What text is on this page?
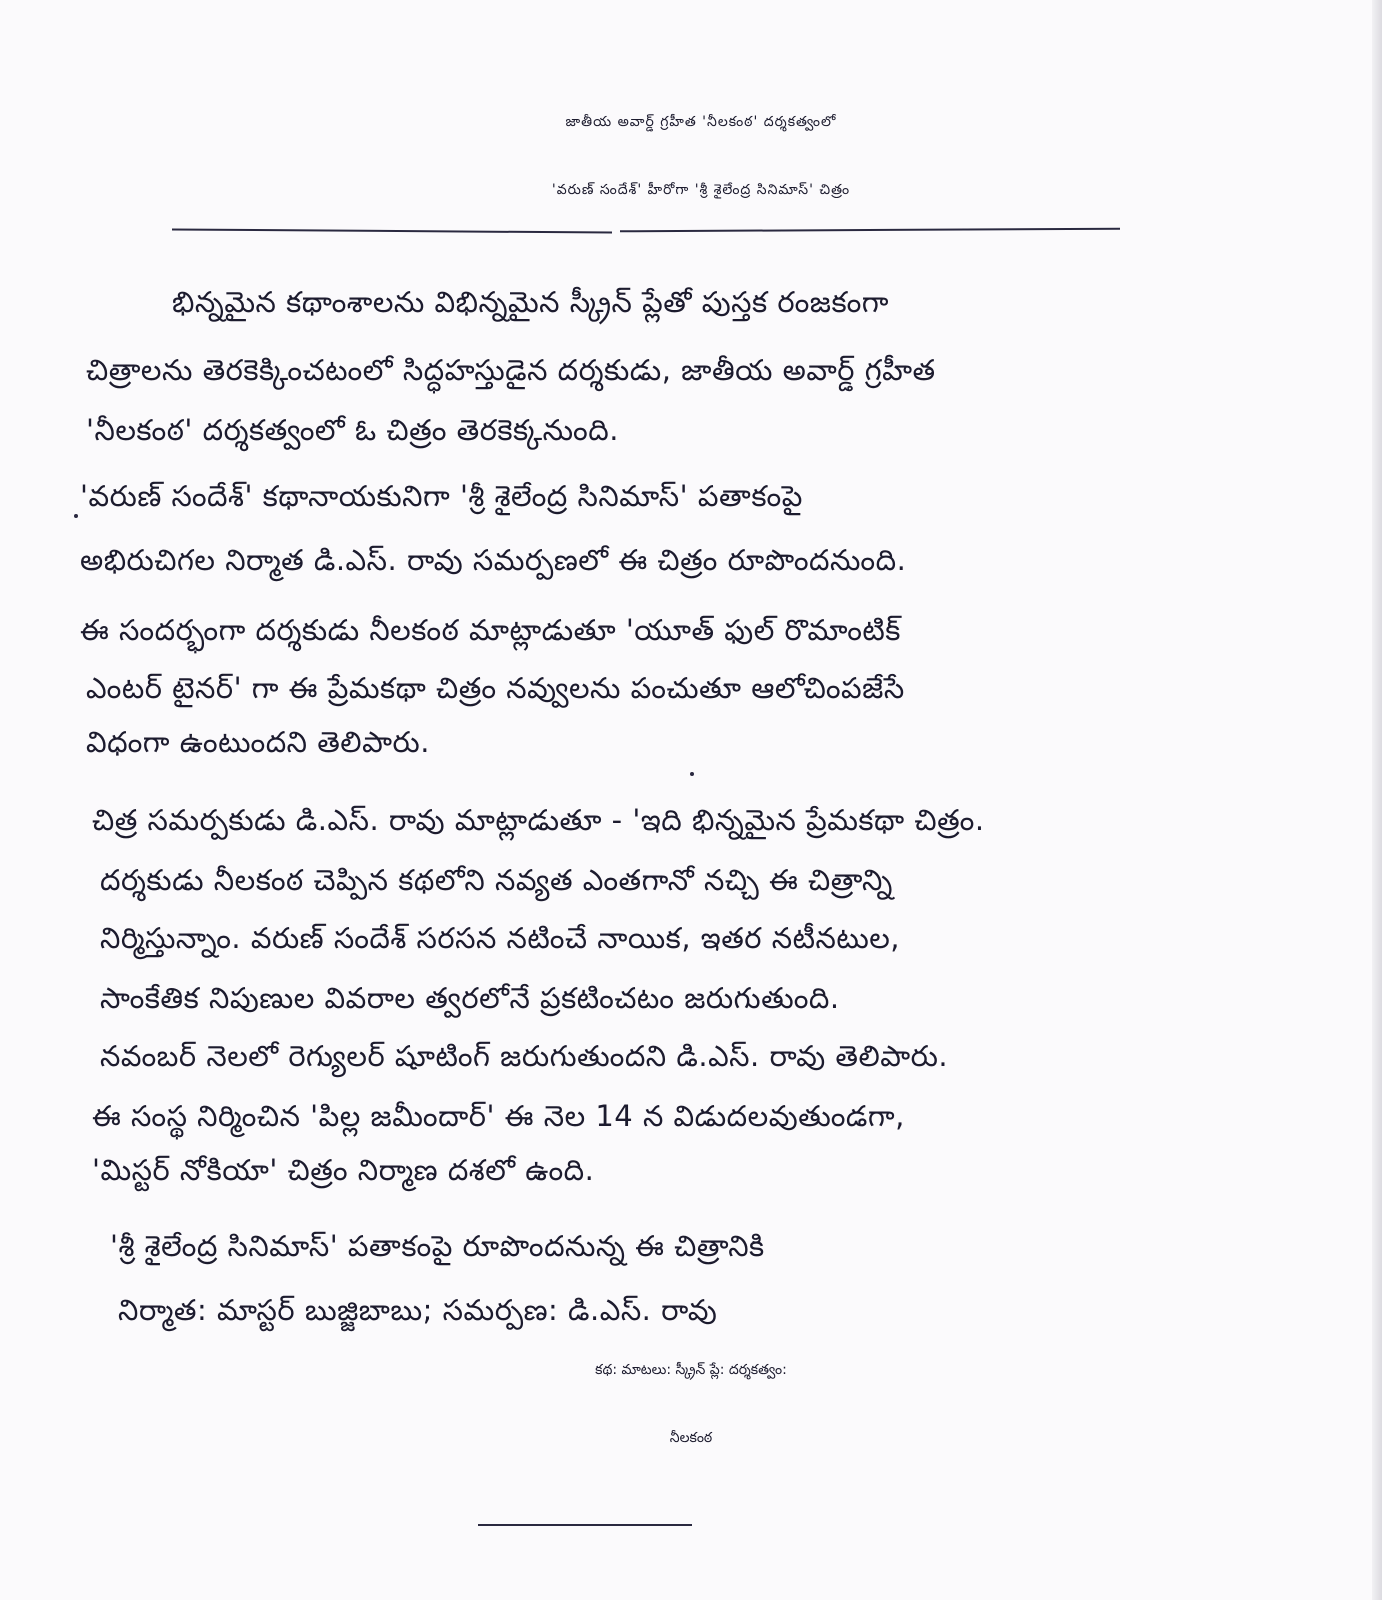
జాతీయ అవార్డ్ గ్రహీత 'నీలకంఠ' దర్శకత్వంలో
'వరుణ్ సందేశ్' హీరోగా 'శ్రీ శైలేంద్ర సినిమాస్' చిత్రం
భిన్నమైన కథాంశాలను విభిన్నమైన స్క్రీన్ ప్లేతో పుస్తక రంజకంగా
చిత్రాలను తెరకెక్కించటంలో సిద్ధహస్తుడైన దర్శకుడు, జాతీయ అవార్డ్ గ్రహీత
'నీలకంఠ' దర్శకత్వంలో ఓ చిత్రం తెరకెక్కనుంది.
'వరుణ్ సందేశ్' కథానాయకునిగా 'శ్రీ శైలేంద్ర సినిమాస్' పతాకంపై
అభిరుచిగల నిర్మాత డి.ఎస్. రావు సమర్పణలో ఈ చిత్రం రూపొందనుంది.
ఈ సందర్భంగా దర్శకుడు నీలకంఠ మాట్లాడుతూ 'యూత్ ఫుల్ రొమాంటిక్
ఎంటర్ టైనర్' గా ఈ ప్రేమకథా చిత్రం నవ్వులను పంచుతూ ఆలోచింపజేసే
విధంగా ఉంటుందని తెలిపారు.
చిత్ర సమర్పకుడు డి.ఎస్. రావు మాట్లాడుతూ - 'ఇది భిన్నమైన ప్రేమకథా చిత్రం.
దర్శకుడు నీలకంఠ చెప్పిన కథలోని నవ్యత ఎంతగానో నచ్చి ఈ చిత్రాన్ని
నిర్మిస్తున్నాం. వరుణ్ సందేశ్ సరసన నటించే నాయిక, ఇతర నటీనటుల,
సాంకేతిక నిపుణుల వివరాల త్వరలోనే ప్రకటించటం జరుగుతుంది.
నవంబర్ నెలలో రెగ్యులర్ షూటింగ్ జరుగుతుందని డి.ఎస్. రావు తెలిపారు.
ఈ సంస్థ నిర్మించిన 'పిల్ల జమీందార్' ఈ నెల 14 న విడుదలవుతుండగా,
'మిస్టర్ నోకియా' చిత్రం నిర్మాణ దశలో ఉంది.
'శ్రీ శైలేంద్ర సినిమాస్' పతాకంపై రూపొందనున్న ఈ చిత్రానికి
నిర్మాత: మాస్టర్ బుజ్జిబాబు; సమర్పణ: డి.ఎస్. రావు
కథ: మాటలు: స్క్రీన్ ప్లే: దర్శకత్వం:
నీలకంఠ
